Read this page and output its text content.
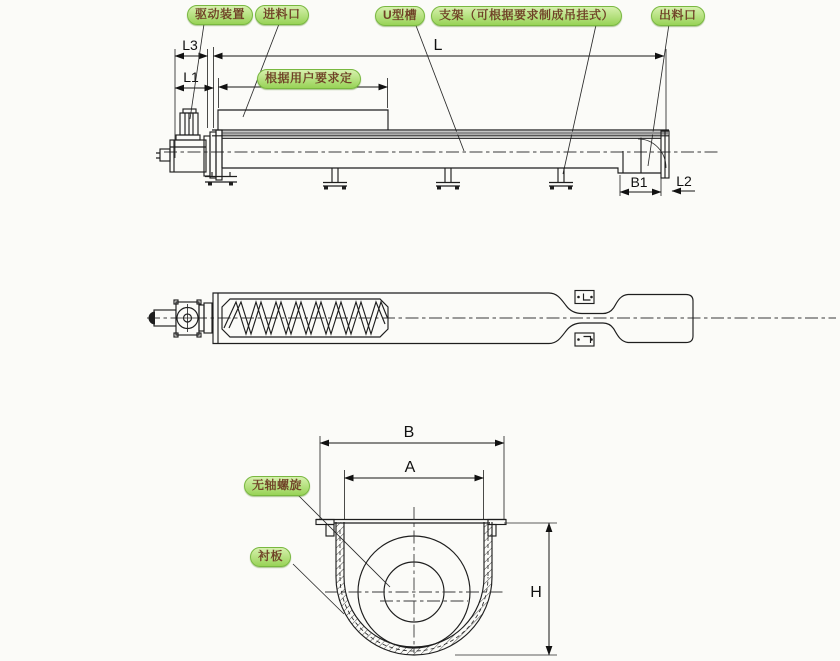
L3
L1
L
B1 L2
B
A
H
驱动装置	进料口	U型槽	支架（可根据要求制成吊挂式）	出料口
根据用户要求定
无轴螺旋
衬板
